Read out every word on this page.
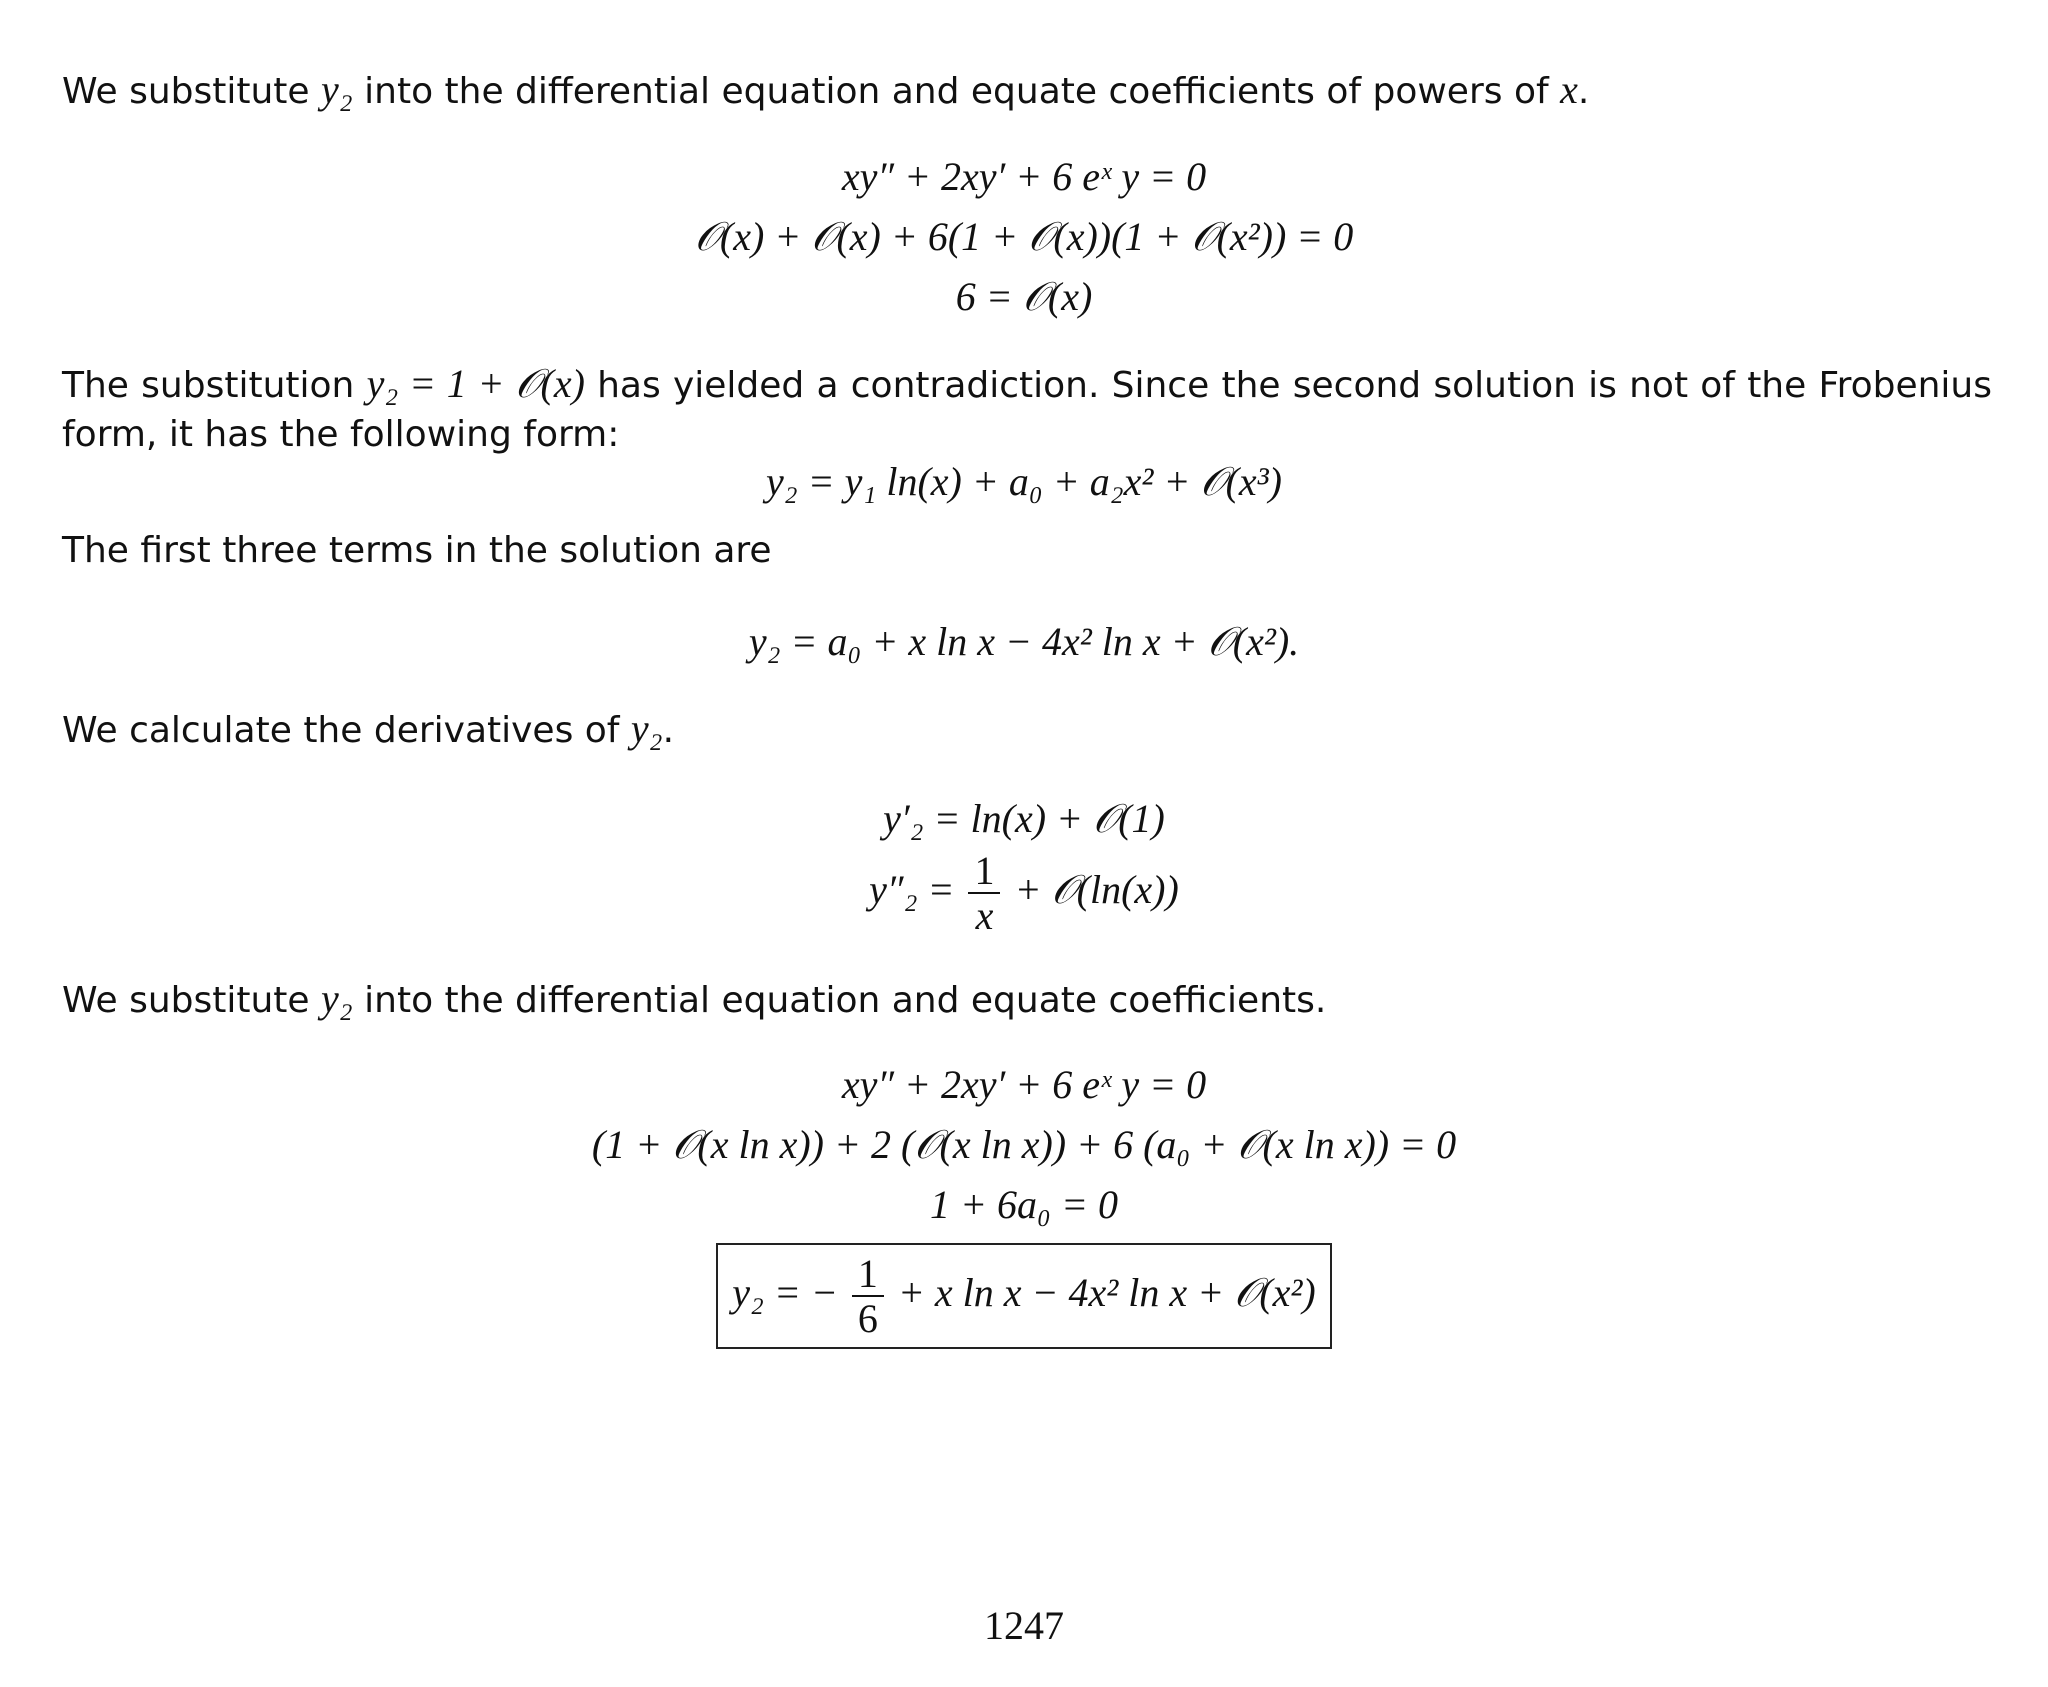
We substitute y₂ into the differential equation and equate coefficients of powers of x.
xy″ + 2xy′ + 6 eˣ y = 0
𝒪(x) + 𝒪(x) + 6(1 + 𝒪(x))(1 + 𝒪(x²)) = 0
6 = 𝒪(x)
The substitution y₂ = 1 + 𝒪(x) has yielded a contradiction. Since the second solution is not of the Frobenius form, it has the following form:
y₂ = y₁ ln(x) + a₀ + a₂x² + 𝒪(x³)
The first three terms in the solution are
y₂ = a₀ + x ln x − 4x² ln x + 𝒪(x²).
We calculate the derivatives of y₂.
y′₂ = ln(x) + 𝒪(1)
$y''_2 = \frac{1}{x}$ + 𝒪(ln(x))
We substitute y₂ into the differential equation and equate coefficients.
xy″ + 2xy′ + 6 eˣ y = 0
(1 + 𝒪(x ln x)) + 2 (𝒪(x ln x)) + 6 (a₀ + 𝒪(x ln x)) = 0
1 + 6a₀ = 0
y₂ = − $\frac{1}{6} + x$ ln x − 4x² ln x + 𝒪(x²)
1247
